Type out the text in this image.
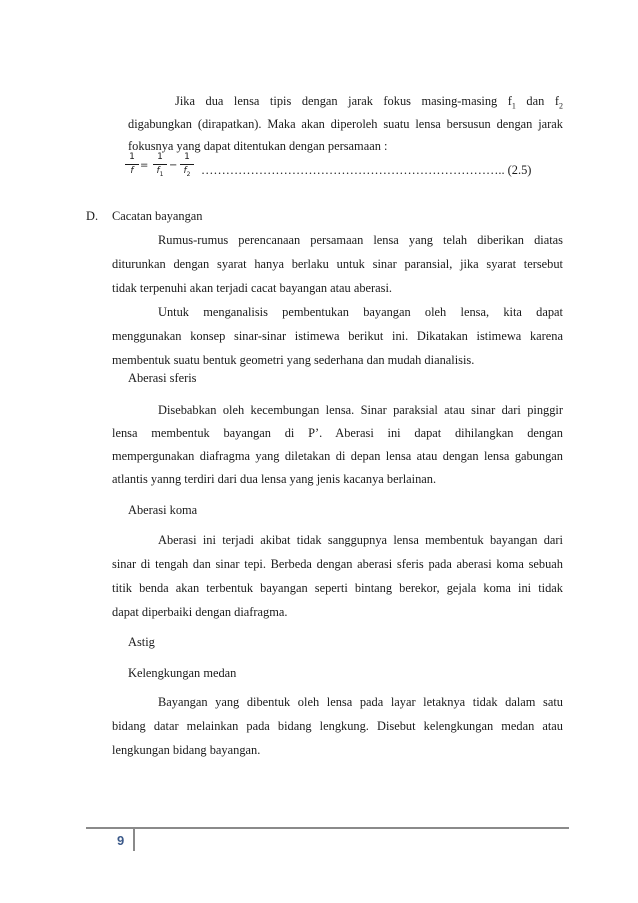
Jika dua lensa tipis dengan jarak fokus masing-masing $f_1$ dan $f_2$
digabungkan (dirapatkan). Maka akan diperoleh suatu lensa bersusun dengan jarak
fokusnya yang dapat ditentukan dengan persamaan :
1
f =
1
$f_1$
−
1
$f_2$ ……………………………………………………………….. (2.5)
D. Cacatan bayangan
Rumus-rumus perencanaan persamaan lensa yang telah diberikan diatas
diturunkan dengan syarat hanya berlaku untuk sinar paransial, jika syarat tersebut
tidak terpenuhi akan terjadi cacat bayangan atau aberasi.
Untuk menganalisis pembentukan bayangan oleh lensa, kita dapat
menggunakan konsep sinar-sinar istimewa berikut ini. Dikatakan istimewa karena
membentuk suatu bentuk geometri yang sederhana dan mudah dianalisis.
Aberasi sferis
Disebabkan oleh kecembungan lensa. Sinar paraksial atau sinar dari pinggir
lensa membentuk bayangan di P’. Aberasi ini dapat dihilangkan dengan
mempergunakan diafragma yang diletakan di depan lensa atau dengan lensa gabungan
atlantis yanng terdiri dari dua lensa yang jenis kacanya berlainan.
Aberasi koma
Aberasi ini terjadi akibat tidak sanggupnya lensa membentuk bayangan dari
sinar di tengah dan sinar tepi. Berbeda dengan aberasi sferis pada aberasi koma sebuah
titik benda akan terbentuk bayangan seperti bintang berekor, gejala koma ini tidak
dapat diperbaiki dengan diafragma.
Astig
Kelengkungan medan
Bayangan yang dibentuk oleh lensa pada layar letaknya tidak dalam satu
bidang datar melainkan pada bidang lengkung. Disebut kelengkungan medan atau
lengkungan bidang bayangan.
9
